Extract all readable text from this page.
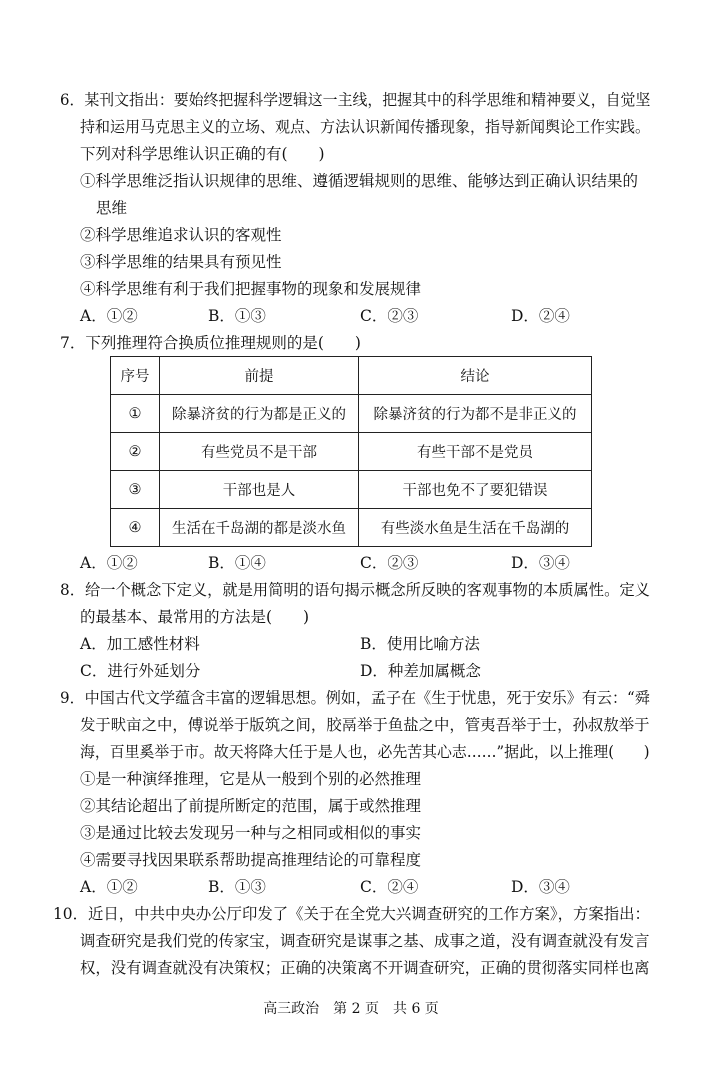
6．某刊文指出：要始终把握科学逻辑这一主线，把握其中的科学思维和精神要义，自觉坚
持和运用马克思主义的立场、观点、方法认识新闻传播现象，指导新闻舆论工作实践。
下列对科学思维认识正确的有(　　)
①科学思维泛指认识规律的思维、遵循逻辑规则的思维、能够达到正确认识结果的
思维
②科学思维追求认识的客观性
③科学思维的结果具有预见性
④科学思维有利于我们把握事物的现象和发展规律
A．①②	B．①③	C．②③	D．②④
7．下列推理符合换质位推理规则的是(　　)
序号	前提	结论
①	除暴济贫的行为都是正义的	除暴济贫的行为都不是非正义的
②	有些党员不是干部	有些干部不是党员
③	干部也是人	干部也免不了要犯错误
④	生活在千岛湖的都是淡水鱼	有些淡水鱼是生活在千岛湖的
A．①②	B．①④	C．②③	D．③④
8．给一个概念下定义，就是用简明的语句揭示概念所反映的客观事物的本质属性。定义
的最基本、最常用的方法是(　　)
A．加工感性材料	B．使用比喻方法
C．进行外延划分	D．种差加属概念
9．中国古代文学蕴含丰富的逻辑思想。例如，孟子在《生于忧患，死于安乐》有云：“舜
发于畎亩之中，傅说举于版筑之间，胶鬲举于鱼盐之中，管夷吾举于士，孙叔敖举于
海，百里奚举于市。故天将降大任于是人也，必先苦其心志……”据此，以上推理(　　)
①是一种演绎推理，它是从一般到个别的必然推理
②其结论超出了前提所断定的范围，属于或然推理
③是通过比较去发现另一种与之相同或相似的事实
④需要寻找因果联系帮助提高推理结论的可靠程度
A．①②	B．①③	C．②④	D．③④
10．近日，中共中央办公厅印发了《关于在全党大兴调查研究的工作方案》，方案指出：
调查研究是我们党的传家宝，调查研究是谋事之基、成事之道，没有调查就没有发言
权，没有调查就没有决策权；正确的决策离不开调查研究，正确的贯彻落实同样也离
高三政治　第 2 页　共 6 页
